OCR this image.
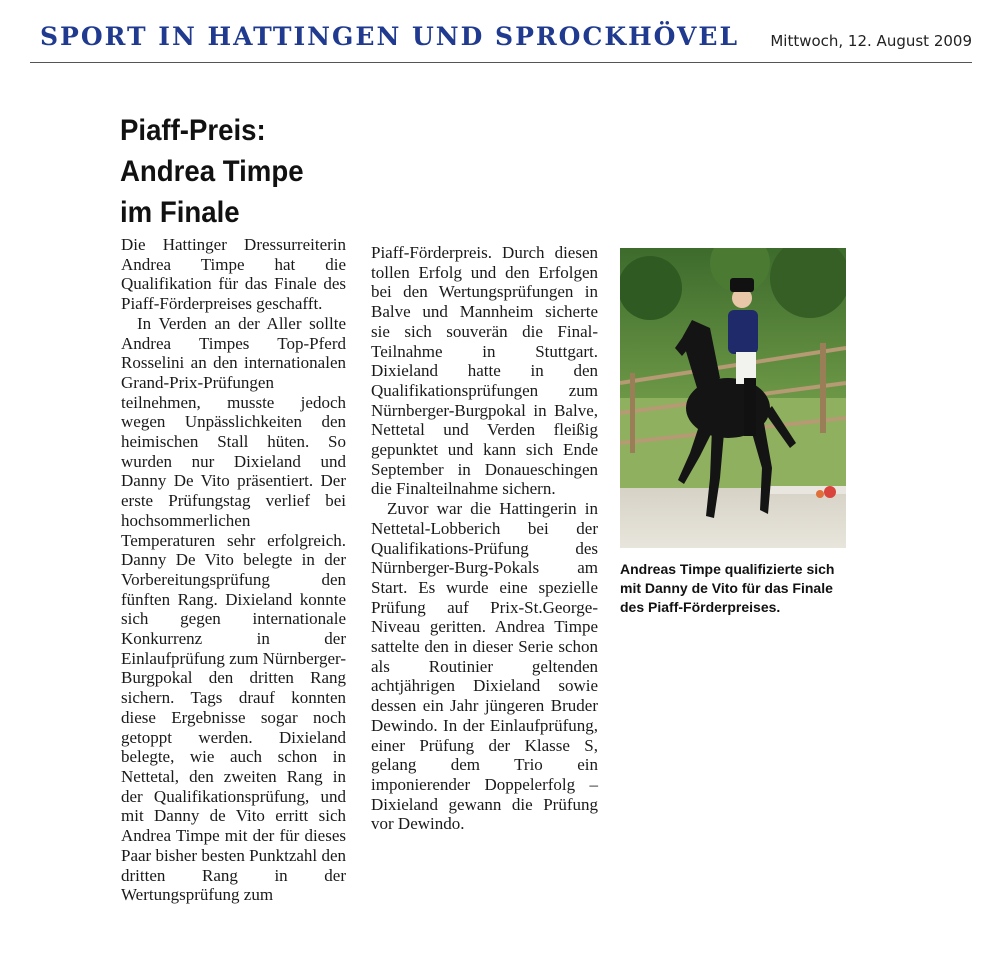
SPORT IN HATTINGEN UND SPROCKHÖVEL Mittwoch, 12. August 2009
Piaff-Preis:
Andrea Timpe
im Finale

Die Hattinger Dressurreiterin Andrea Timpe hat die Qualifikation für das Finale des Piaff-Förderpreises geschafft.

In Verden an der Aller sollte Andrea Timpes Top-Pferd Rosselini an den internationalen Grand-Prix-Prüfungen teilnehmen, musste jedoch wegen Unpässlichkeiten den heimischen Stall hüten. So wurden nur Dixieland und Danny De Vito präsentiert. Der erste Prüfungstag verlief bei hochsommerlichen Temperaturen sehr erfolgreich. Danny De Vito belegte in der Vorbereitungsprüfung den fünften Rang. Dixieland konnte sich gegen internationale Konkurrenz in der Einlaufprüfung zum Nürnberger-Burgpokal den dritten Rang sichern. Tags drauf konnten diese Ergebnisse sogar noch getoppt werden. Dixieland belegte, wie auch schon in Nettetal, den zweiten Rang in der Qualifikationsprüfung, und mit Danny de Vito erritt sich Andrea Timpe mit der für dieses Paar bisher besten Punktzahl den dritten Rang in der Wertungsprüfung zum

Piaff-Förderpreis. Durch diesen tollen Erfolg und den Erfolgen bei den Wertungsprüfungen in Balve und Mannheim sicherte sie sich souverän die Final-Teilnahme in Stuttgart. Dixieland hatte in den Qualifikationsprüfungen zum Nürnberger-Burgpokal in Balve, Nettetal und Verden fleißig gepunktet und kann sich Ende September in Donaueschingen die Finalteilnahme sichern.

Zuvor war die Hattingerin in Nettetal-Lobberich bei der Qualifikations-Prüfung des Nürnberger-Burg-Pokals am Start. Es wurde eine spezielle Prüfung auf Prix-St.George-Niveau geritten. Andrea Timpe sattelte den in dieser Serie schon als Routinier geltenden achtjährigen Dixieland sowie dessen ein Jahr jüngeren Bruder Dewindo. In der Einlaufprüfung, einer Prüfung der Klasse S, gelang dem Trio ein imponierender Doppelerfolg – Dixieland gewann die Prüfung vor Dewindo.

Andreas Timpe qualifizierte sich mit Danny de Vito für das Finale des Piaff-Förderpreises.
